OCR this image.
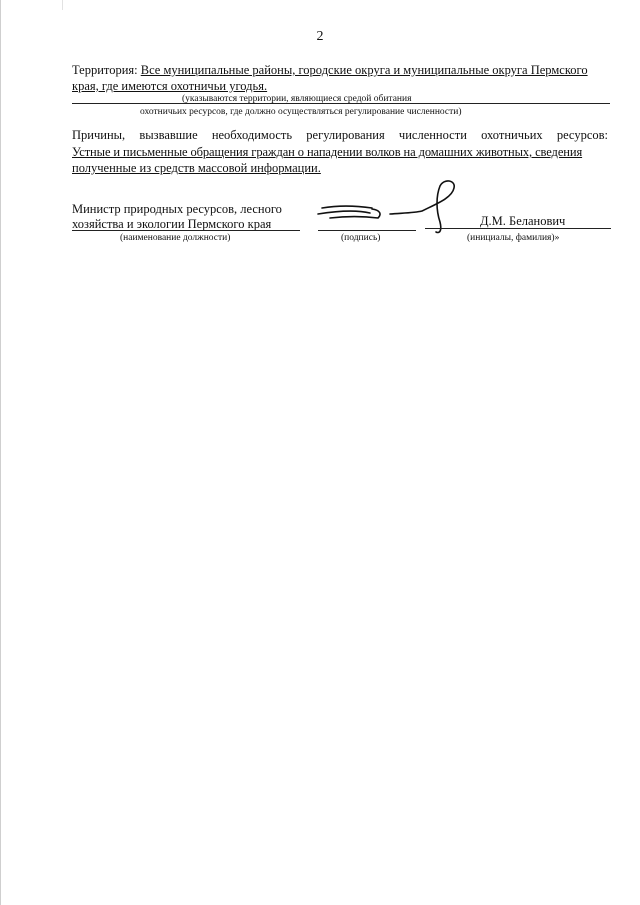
2
Территория: Все муниципальные районы, городские округа и муниципальные округа Пермского
края, где имеются охотничьи угодья.
(указываются территории, являющиеся средой обитания
охотничьих ресурсов, где должно осуществляться регулирование численности)
Причины, вызвавшие необходимость регулирования численности охотничьих ресурсов:
Устные и письменные обращения граждан о нападении волков на домашних животных, сведения
полученные из средств массовой информации.
Министр природных ресурсов, лесного
хозяйства и экологии Пермского края
(наименование должности)	(подпись)
Д.М. Беланович
(инициалы, фамилия)»
